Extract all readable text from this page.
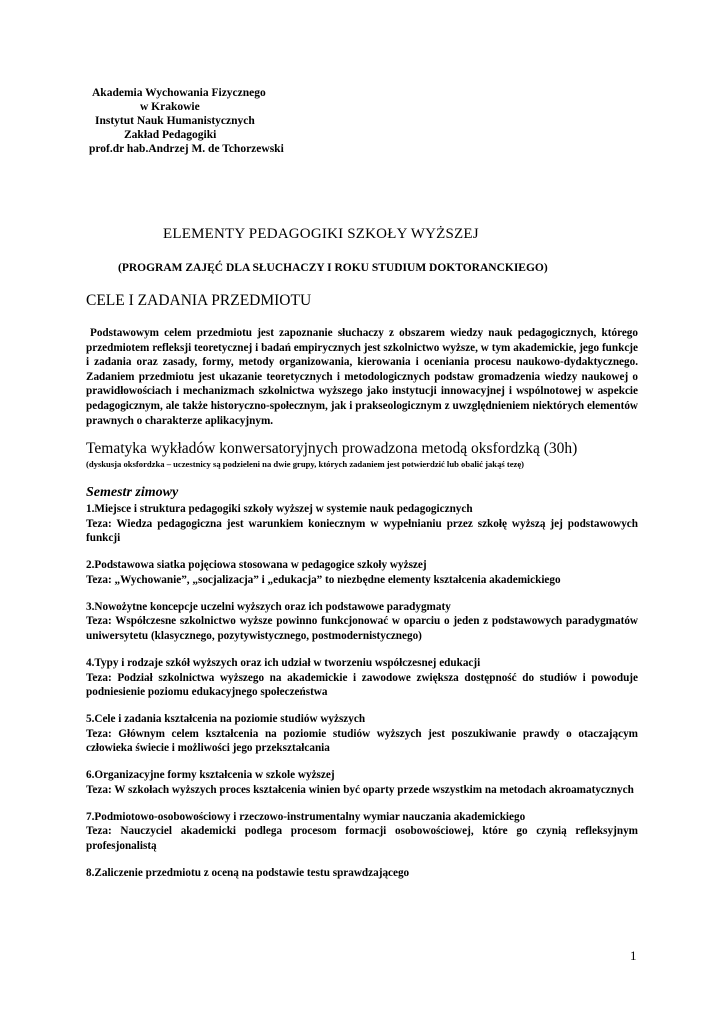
Akademia Wychowania Fizycznego
w Krakowie
Instytut Nauk Humanistycznych
Zakład Pedagogiki
prof.dr hab.Andrzej M. de Tchorzewski
ELEMENTY PEDAGOGIKI SZKOŁY WYŻSZEJ
(PROGRAM ZAJĘĆ DLA SŁUCHACZY I ROKU STUDIUM DOKTORANCKIEGO)
CELE I ZADANIA PRZEDMIOTU
Podstawowym celem przedmiotu jest zapoznanie słuchaczy z obszarem wiedzy nauk pedagogicznych, którego przedmiotem refleksji teoretycznej i badań empirycznych jest szkolnictwo wyższe, w tym akademickie, jego funkcje i zadania oraz zasady, formy, metody organizowania, kierowania i oceniania procesu naukowo-dydaktycznego. Zadaniem przedmiotu jest ukazanie teoretycznych i metodologicznych podstaw gromadzenia wiedzy naukowej o prawidłowościach i mechanizmach szkolnictwa wyższego jako instytucji innowacyjnej i wspólnotowej w aspekcie pedagogicznym, ale także historyczno-społecznym, jak i prakseologicznym z uwzględnieniem niektórych elementów prawnych o charakterze aplikacyjnym.
Tematyka wykładów konwersatoryjnych prowadzona metodą oksfordzką (30h)
(dyskusja oksfordzka – uczestnicy są podzieleni na dwie grupy, których zadaniem jest potwierdzić lub obalić jakąś tezę)
Semestr zimowy
1.Miejsce i struktura pedagogiki szkoły wyższej w systemie nauk pedagogicznych
Teza: Wiedza pedagogiczna jest warunkiem koniecznym w wypełnianiu przez szkołę wyższą jej podstawowych funkcji
2.Podstawowa siatka pojęciowa stosowana w pedagogice szkoły wyższej
Teza: „Wychowanie”, „socjalizacja” i „edukacja” to niezbędne elementy kształcenia akademickiego
3.Nowożytne koncepcje uczelni wyższych oraz ich podstawowe paradygmaty
Teza: Współczesne szkolnictwo wyższe powinno funkcjonować w oparciu o jeden z podstawowych paradygmatów uniwersytetu (klasycznego, pozytywistycznego, postmodernistycznego)
4.Typy i rodzaje szkół wyższych oraz ich udział w tworzeniu współczesnej edukacji
Teza: Podział szkolnictwa wyższego na akademickie i zawodowe zwiększa dostępność do studiów i powoduje podniesienie poziomu edukacyjnego społeczeństwa
5.Cele i zadania kształcenia na poziomie studiów wyższych
Teza: Głównym celem kształcenia na poziomie studiów wyższych jest poszukiwanie prawdy o otaczającym człowieka świecie i możliwości jego przekształcania
6.Organizacyjne formy kształcenia w szkole wyższej
Teza: W szkołach wyższych proces kształcenia winien być oparty przede wszystkim na metodach akroamatycznych
7.Podmiotowo-osobowościowy i rzeczowo-instrumentalny wymiar nauczania akademickiego
Teza: Nauczyciel akademicki podlega procesom formacji osobowościowej, które go czynią refleksyjnym profesjonalistą
8.Zaliczenie przedmiotu z oceną na podstawie testu sprawdzającego
1
